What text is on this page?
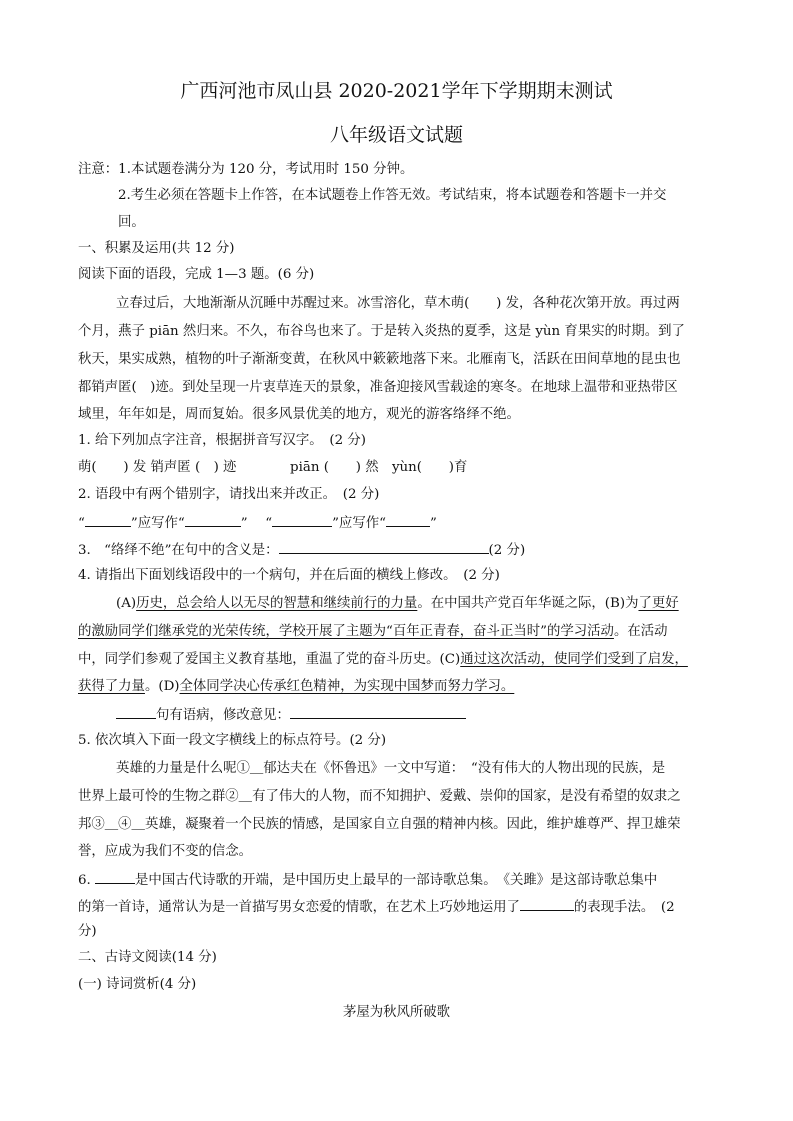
广西河池市凤山县 2020-2021学年下学期期末测试
八年级语文试题
注意：1.本试题卷满分为 120 分，考试用时 150 分钟。
2.考生必须在答题卡上作答，在本试题卷上作答无效。考试结束，将本试题卷和答题卡一并交
回。
一、积累及运用(共 12 分)
阅读下面的语段，完成 1—3 题。(6 分)
立春过后，大地渐渐从沉睡中苏醒过来。冰雪溶化，草木萌(　　) 发，各种花次第开放。再过两
个月，燕子 piān 然归来。不久，布谷鸟也来了。于是转入炎热的夏季，这是 yùn 育果实的时期。到了
秋天，果实成熟，植物的叶子渐渐变黄，在秋风中簌簌地落下来。北雁南飞，活跃在田间草地的昆虫也
都销声匿(　)迹。到处呈现一片衷草连天的景象，准备迎接风雪载途的寒冬。在地球上温带和亚热带区
域里，年年如是，周而复始。很多风景优美的地方，观光的游客络绎不绝。
1. 给下列加点字注音，根据拼音写汉字。　(2 分)
萌(　　) 发 销声匿 (　) 迹　　　　piān (　　) 然　yùn(　　)育
2. 语段中有两个错别字，请找出来并改正。　(2 分)
“	”应写作“	”　 “	”应写作“	”
3.　“络绎不绝”在句中的含义是：	(2 分)
4. 请指出下面划线语段中的一个病句，并在后面的横线上修改。　(2 分)
(A)历史，总会给人以无尽的智慧和继续前行的力量。在中国共产党百年华诞之际，(B)为了更好
的激励同学们继承党的光荣传统，学校开展了主题为“百年正青春，奋斗正当时”的学习活动。在活动
中，同学们参观了爱国主义教育基地，重温了党的奋斗历史。(C)通过这次活动，使同学们受到了启发，
获得了力量。(D)全体同学决心传承红色精神，为实现中国梦而努力学习。
句有语病，修改意见：
5. 依次填入下面一段文字横线上的标点符号。(2 分)
英雄的力量是什么呢①＿郁达夫在《怀鲁迅》一文中写道：　“没有伟大的人物出现的民族，是
世界上最可怜的生物之群②＿有了伟大的人物，而不知拥护、爱戴、崇仰的国家，是没有希望的奴隶之
邦③＿④＿英雄，凝聚着一个民族的情感，是国家自立自强的精神内核。因此，维护雄尊严、捍卫雄荣
誉，应成为我们不变的信念。
6.	是中国古代诗歌的开端，是中国历史上最早的一部诗歌总集。　《关雎》是这部诗歌总集中
的第一首诗，通常认为是一首描写男女恋爱的情歌，在艺术上巧妙地运用了	的表现手法。　(2
分)
二、古诗文阅读(14 分)
(一) 诗词赏析(4 分)
茅屋为秋风所破歌
